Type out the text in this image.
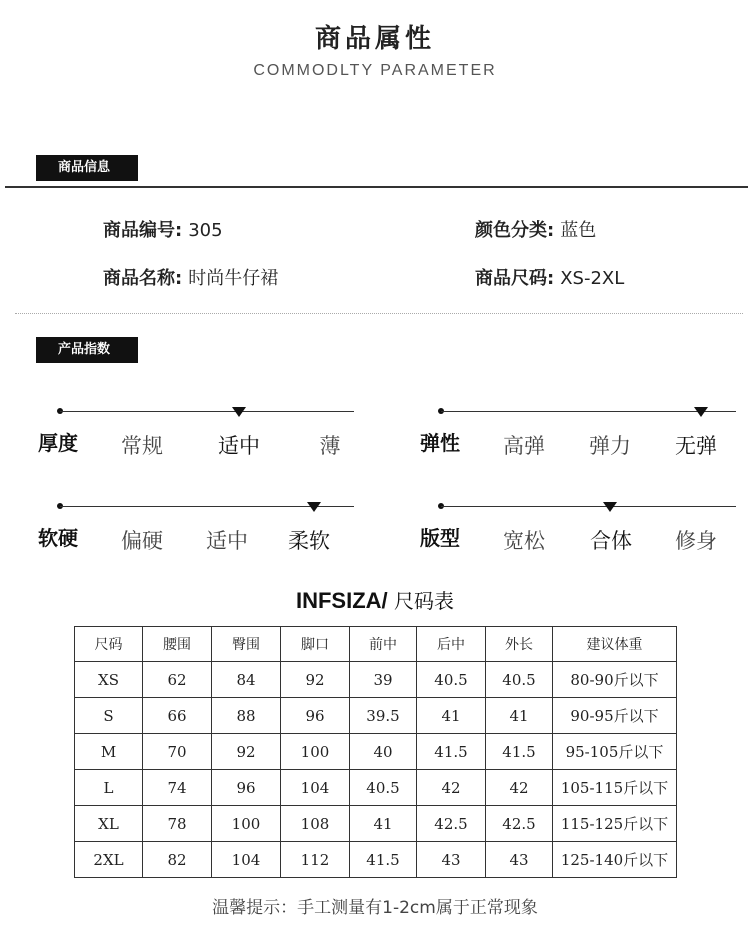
商品属性
COMMODLTY PARAMETER
商品信息
商品编号: 305	颜色分类: 蓝色
商品名称: 时尚牛仔裙	商品尺码: XS-2XL
产品指数
厚度	常规	适中	薄	弹性	高弹	弹力	无弹
软硬	偏硬	适中	柔软	版型	宽松	合体	修身
INFSIZA/ 尺码表
尺码	腰围	臀围	脚口	前中	后中	外长	建议体重
XS	62	84	92	39	40.5	40.5	80-90斤以下
S	66	88	96	39.5	41	41	90-95斤以下
M	70	92	100	40	41.5	41.5	95-105斤以下
L	74	96	104	40.5	42	42	105-115斤以下
XL	78	100	108	41	42.5	42.5	115-125斤以下
2XL	82	104	112	41.5	43	43	125-140斤以下
温馨提示：手工测量有1-2cm属于正常现象
